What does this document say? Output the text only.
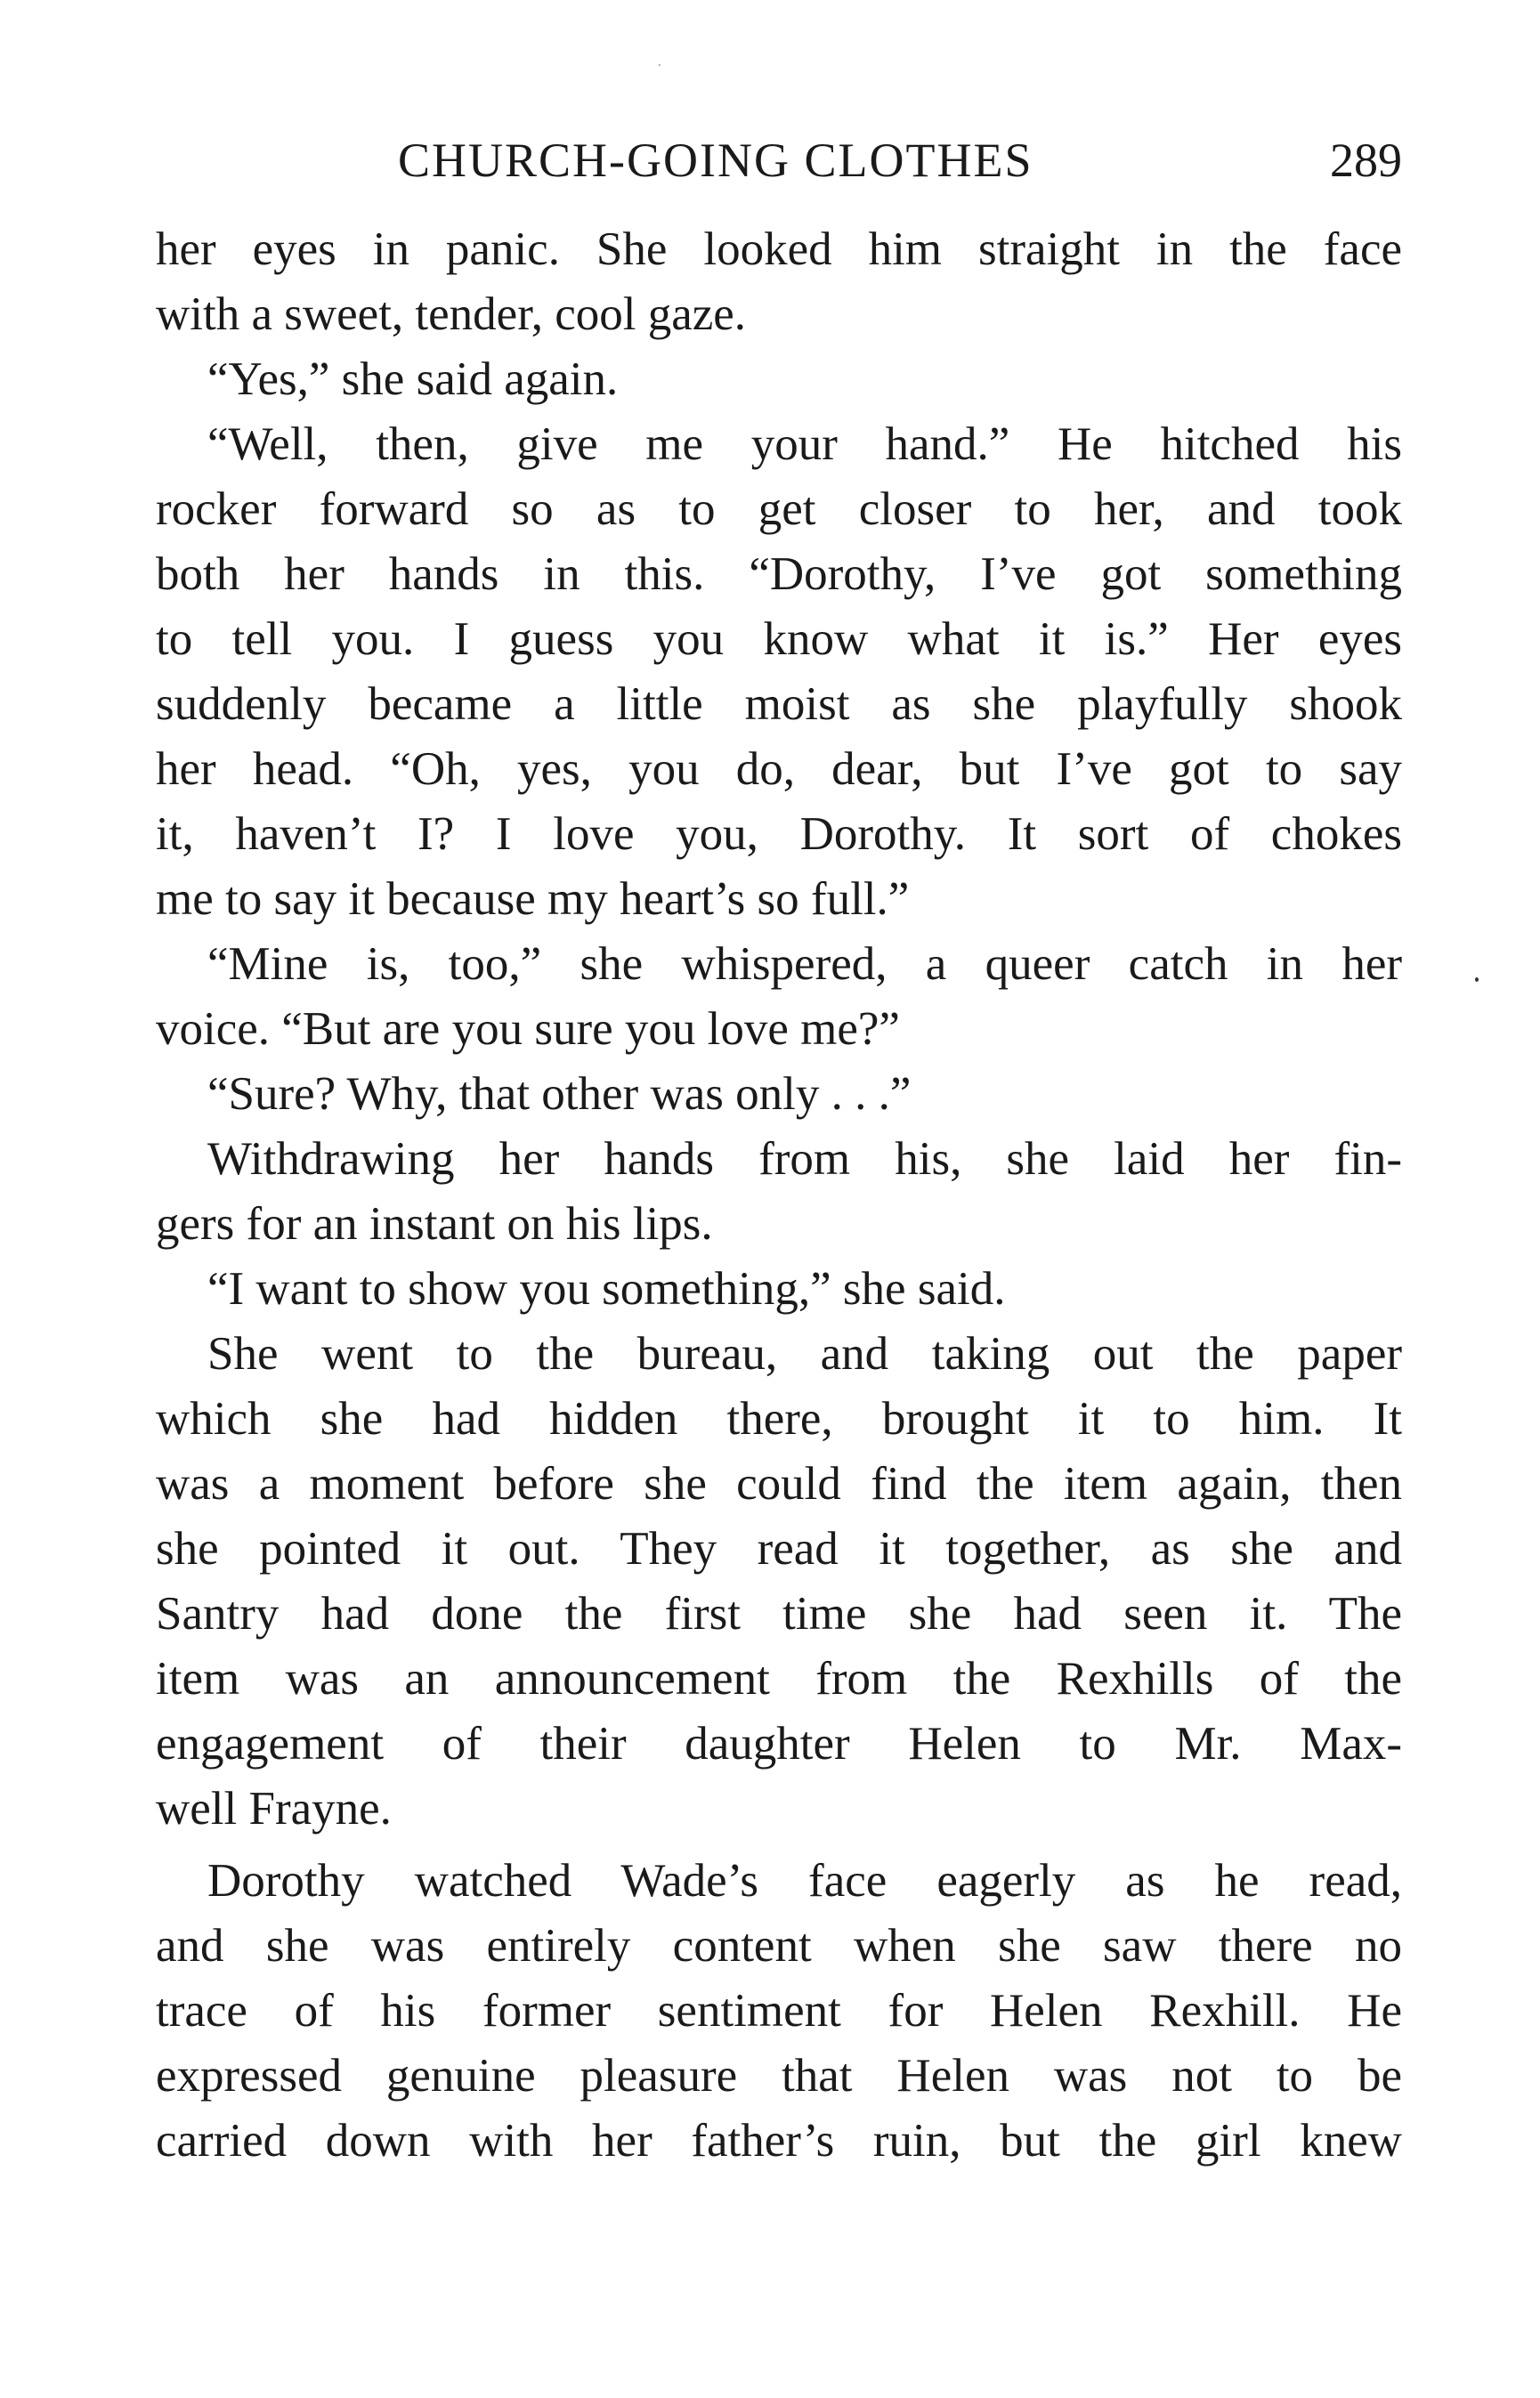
CHURCH-GOING CLOTHES	289
her eyes in panic. She looked him straight in the face
with a sweet, tender, cool gaze.
“Yes,” she said again.
“Well, then, give me your hand.” He hitched his
rocker forward so as to get closer to her, and took
both her hands in this. “Dorothy, I’ve got something
to tell you. I guess you know what it is.” Her eyes
suddenly became a little moist as she playfully shook
her head. “Oh, yes, you do, dear, but I’ve got to say
it, haven’t I? I love you, Dorothy. It sort of chokes
me to say it because my heart’s so full.”
“Mine is, too,” she whispered, a queer catch in her
voice. “But are you sure you love me?”
“Sure? Why, that other was only . . .”
Withdrawing her hands from his, she laid her fin-
gers for an instant on his lips.
“I want to show you something,” she said.
She went to the bureau, and taking out the paper
which she had hidden there, brought it to him. It
was a moment before she could find the item again, then
she pointed it out. They read it together, as she and
Santry had done the first time she had seen it. The
item was an announcement from the Rexhills of the
engagement of their daughter Helen to Mr. Max-
well Frayne.
Dorothy watched Wade’s face eagerly as he read,
and she was entirely content when she saw there no
trace of his former sentiment for Helen Rexhill. He
expressed genuine pleasure that Helen was not to be
carried down with her father’s ruin, but the girl knew
